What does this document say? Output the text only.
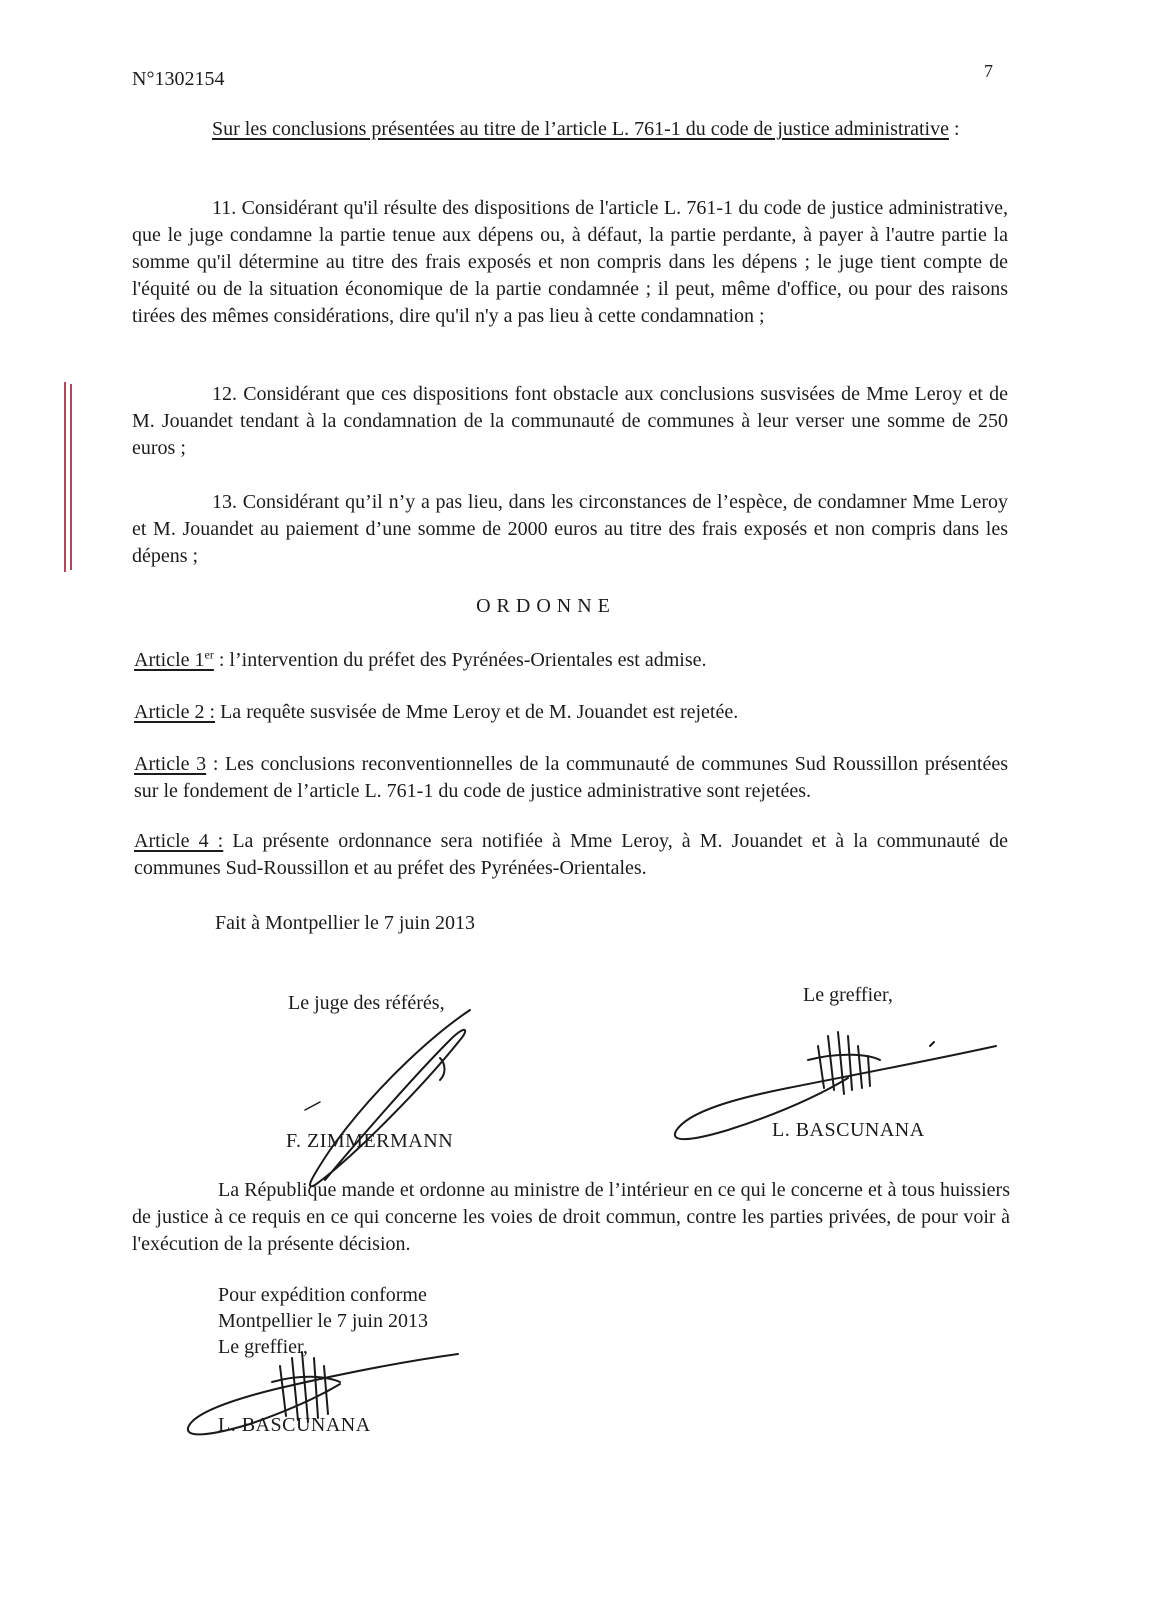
N°1302154	7

Sur les conclusions présentées au titre de l’article L. 761-1 du code de justice administrative :

11. Considérant qu'il résulte des dispositions de l'article L. 761-1 du code de justice administrative, que le juge condamne la partie tenue aux dépens ou, à défaut, la partie perdante, à payer à l'autre partie la somme qu'il détermine au titre des frais exposés et non compris dans les dépens ; le juge tient compte de l'équité ou de la situation économique de la partie condamnée ; il peut, même d'office, ou pour des raisons tirées des mêmes considérations, dire qu'il n'y a pas lieu à cette condamnation ;

12. Considérant que ces dispositions font obstacle aux conclusions susvisées de Mme Leroy et de M. Jouandet tendant à la condamnation de la communauté de communes à leur verser une somme de 250 euros ;

13. Considérant qu’il n’y a pas lieu, dans les circonstances de l’espèce, de condamner Mme Leroy et M. Jouandet au paiement d’une somme de 2000 euros au titre des frais exposés et non compris dans les dépens ;

ORDONNE

Article 1er : l’intervention du préfet des Pyrénées-Orientales est admise.

Article 2 : La requête susvisée de Mme Leroy et de M. Jouandet est rejetée.

Article 3 : Les conclusions reconventionnelles de la communauté de communes Sud Roussillon présentées sur le fondement de l’article L. 761-1 du code de justice administrative sont rejetées.

Article 4 : La présente ordonnance sera notifiée à Mme Leroy, à M. Jouandet et à la communauté de communes Sud-Roussillon et au préfet des Pyrénées-Orientales.

Fait à Montpellier le 7 juin 2013

Le juge des référés,	Le greffier,

F. ZIMMERMANN	L. BASCUNANA

La République mande et ordonne au ministre de l’intérieur en ce qui le concerne et à tous huissiers de justice à ce requis en ce qui concerne les voies de droit commun, contre les parties privées, de pour voir à l'exécution de la présente décision.

Pour expédition conforme

Montpellier le 7 juin 2013

Le greffier,

L. BASCUNANA
